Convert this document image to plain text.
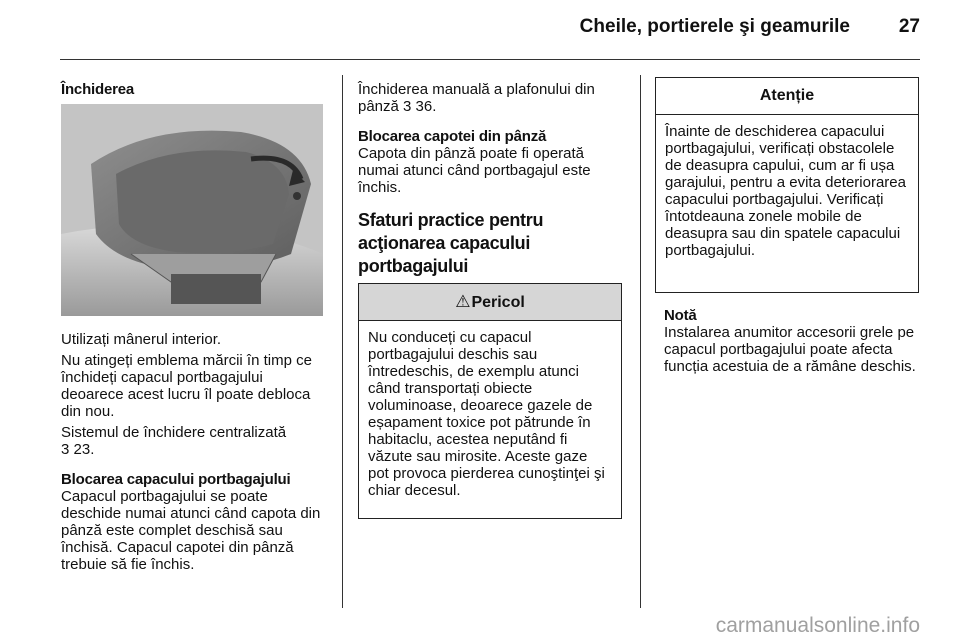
Cheile, portierele şi geamurile	27

Închiderea

Utilizați mânerul interior.

Nu atingeți emblema mărcii în timp ce închideți capacul portbagajului deoarece acest lucru îl poate debloca din nou.

Sistemul de închidere centralizată

3 23.

Blocarea capacului portbagajului

Capacul portbagajului se poate deschide numai atunci când capota din pânză este complet deschisă sau închisă. Capacul capotei din pânză trebuie să fie închis.

Închiderea manuală a plafonului din pânză 3 36.

Blocarea capotei din pânză

Capota din pânză poate fi operată numai atunci când portbagajul este închis.

Sfaturi practice pentru acţionarea capacului portbagajului

⚠Pericol
Nu conduceți cu capacul portbagajului deschis sau întredeschis, de exemplu atunci când transportați obiecte voluminoase, deoarece gazele de eșapament toxice pot pătrunde în habitaclu, acestea neputând fi văzute sau mirosite. Aceste gaze pot provoca pierderea cunoştinţei şi chiar decesul.
Atenție
Înainte de deschiderea capacului portbagajului, verificați obstacolele de deasupra capului, cum ar fi ușa garajului, pentru a evita deteriorarea capacului portbagajului. Verificați întotdeauna zonele mobile de deasupra sau din spatele capacului portbagajului.

Notă

Instalarea anumitor accesorii grele pe capacul portbagajului poate afecta funcția acestuia de a rămâne deschis.

carmanualsonline.info
